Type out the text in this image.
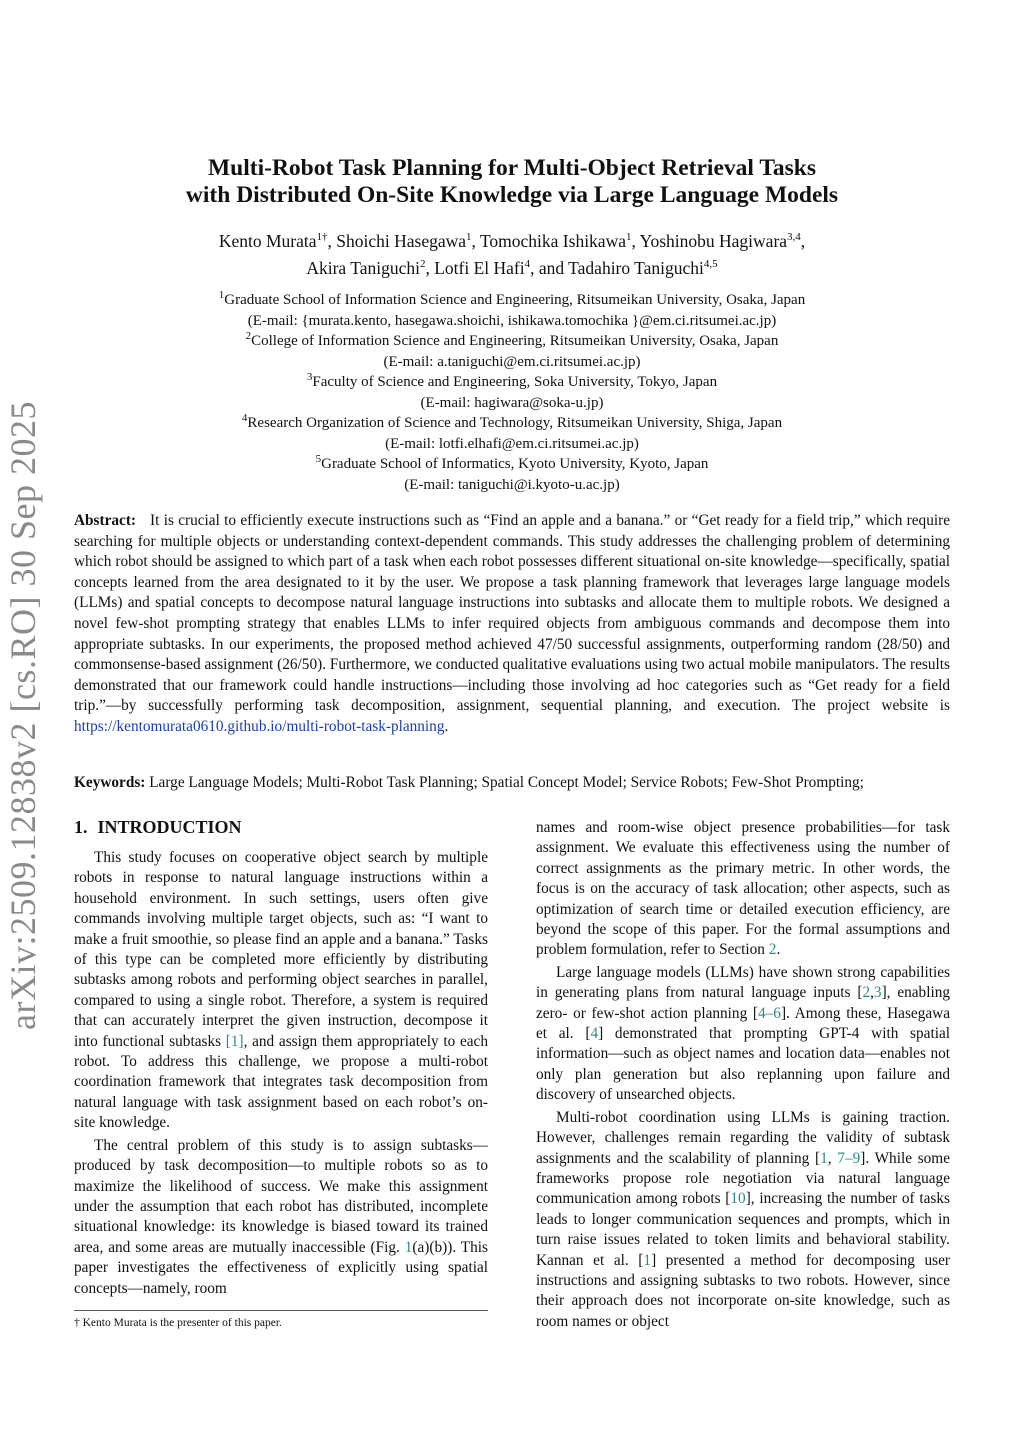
arXiv:2509.12838v2 [cs.RO] 30 Sep 2025
Multi-Robot Task Planning for Multi-Object Retrieval Tasks
with Distributed On-Site Knowledge via Large Language Models
Kento Murata$^{1\dagger}$, Shoichi Hasegawa$^1$, Tomochika Ishikawa$^1$, Yoshinobu Hagiwara$^{3,4}$,
Akira Taniguchi$^2$, Lotfi El Hafi$^4$, and Tadahiro Taniguchi$^{4,5}$
$^1$Graduate School of Information Science and Engineering, Ritsumeikan University, Osaka, Japan
(E-mail: {murata.kento, hasegawa.shoichi, ishikawa.tomochika }@em.ci.ritsumei.ac.jp)
$^2$College of Information Science and Engineering, Ritsumeikan University, Osaka, Japan
(E-mail: a.taniguchi@em.ci.ritsumei.ac.jp)
$^3$Faculty of Science and Engineering, Soka University, Tokyo, Japan
(E-mail: hagiwara@soka-u.jp)
$^4$Research Organization of Science and Technology, Ritsumeikan University, Shiga, Japan
(E-mail: lotfi.elhafi@em.ci.ritsumei.ac.jp)
$^5$Graduate School of Informatics, Kyoto University, Kyoto, Japan
(E-mail: taniguchi@i.kyoto-u.ac.jp)
Abstract: It is crucial to efficiently execute instructions such as “Find an apple and a banana.” or “Get ready for a field trip,” which require searching for multiple objects or understanding context-dependent commands. This study addresses the challenging problem of determining which robot should be assigned to which part of a task when each robot possesses different situational on-site knowledge—specifically, spatial concepts learned from the area designated to it by the user. We propose a task planning framework that leverages large language models (LLMs) and spatial concepts to decompose natural language instructions into subtasks and allocate them to multiple robots. We designed a novel few-shot prompting strategy that enables LLMs to infer required objects from ambiguous commands and decompose them into appropriate subtasks. In our experiments, the proposed method achieved 47/50 successful assignments, outperforming random (28/50) and commonsense-based assignment (26/50). Furthermore, we conducted qualitative evaluations using two actual mobile manipulators. The results demonstrated that our framework could handle instructions—including those involving ad hoc categories such as “Get ready for a field trip.”—by successfully performing task decomposition, assignment, sequential planning, and execution. The project website is https://kentomurata0610.github.io/multi-robot-task-planning.
Keywords: Large Language Models; Multi-Robot Task Planning; Spatial Concept Model; Service Robots; Few-Shot Prompting;
1. INTRODUCTION

This study focuses on cooperative object search by multiple robots in response to natural language instructions within a household environment. In such settings, users often give commands involving multiple target objects, such as: “I want to make a fruit smoothie, so please find an apple and a banana.” Tasks of this type can be completed more efficiently by distributing subtasks among robots and performing object searches in parallel, compared to using a single robot. Therefore, a system is required that can accurately interpret the given instruction, decompose it into functional subtasks [1], and assign them appropriately to each robot. To address this challenge, we propose a multi-robot coordination framework that integrates task decomposition from natural language with task assignment based on each robot’s on-site knowledge.

The central problem of this study is to assign subtasks—produced by task decomposition—to multiple robots so as to maximize the likelihood of success. We make this assignment under the assumption that each robot has distributed, incomplete situational knowledge: its knowledge is biased toward its trained area, and some areas are mutually inaccessible (Fig. 1(a)(b)). This paper investigates the effectiveness of explicitly using spatial concepts—namely, room

names and room-wise object presence probabilities—for task assignment. We evaluate this effectiveness using the number of correct assignments as the primary metric. In other words, the focus is on the accuracy of task allocation; other aspects, such as optimization of search time or detailed execution efficiency, are beyond the scope of this paper. For the formal assumptions and problem formulation, refer to Section 2.

Large language models (LLMs) have shown strong capabilities in generating plans from natural language inputs [2,3], enabling zero- or few-shot action planning [4–6]. Among these, Hasegawa et al. [4] demonstrated that prompting GPT-4 with spatial information—such as object names and location data—enables not only plan generation but also replanning upon failure and discovery of unsearched objects.

Multi-robot coordination using LLMs is gaining traction. However, challenges remain regarding the validity of subtask assignments and the scalability of planning [1, 7–9]. While some frameworks propose role negotiation via natural language communication among robots [10], increasing the number of tasks leads to longer communication sequences and prompts, which in turn raise issues related to token limits and behavioral stability. Kannan et al. [1] presented a method for decomposing user instructions and assigning subtasks to two robots. However, since their approach does not incorporate on-site knowledge, such as room names or object

† Kento Murata is the presenter of this paper.
